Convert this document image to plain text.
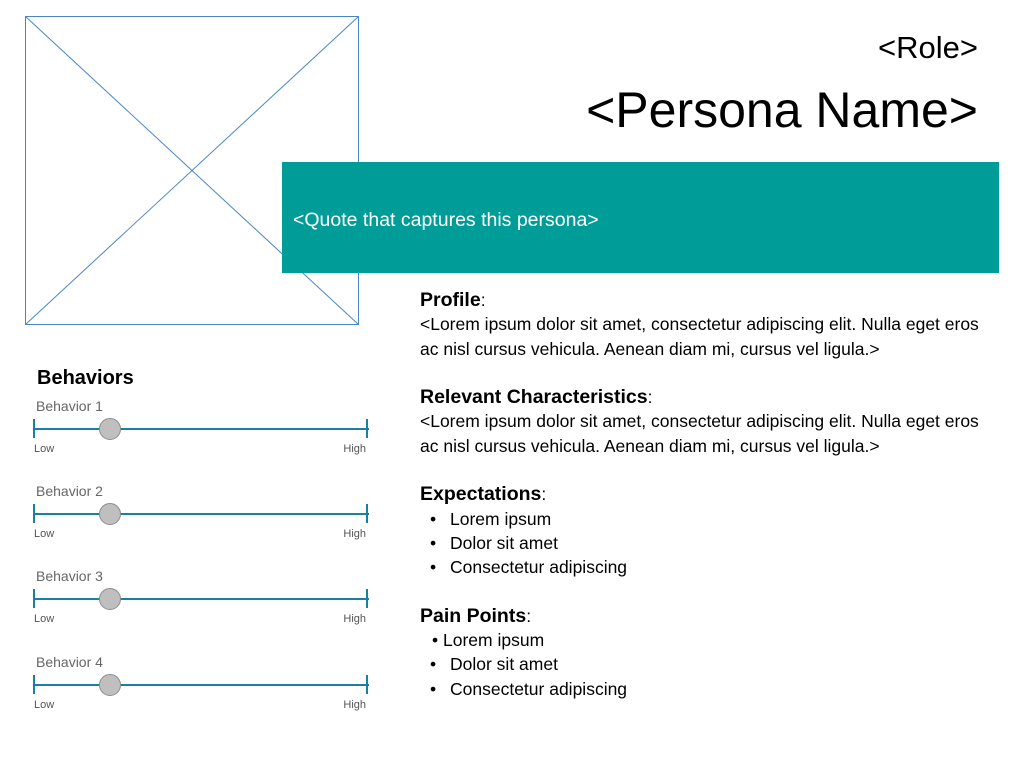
<Role>
<Persona Name>
<Quote that captures this persona>
Behaviors
Behavior 1
Low	High
Behavior 2
Low	High
Behavior 3
Low	High
Behavior 4
Low	High
Profile:

<Lorem ipsum dolor sit amet, consectetur adipiscing elit. Nulla eget eros ac nisl cursus vehicula. Aenean diam mi, cursus vel ligula.>

Relevant Characteristics:

<Lorem ipsum dolor sit amet, consectetur adipiscing elit. Nulla eget eros ac nisl cursus vehicula. Aenean diam mi, cursus vel ligula.>

Expectations:
• Lorem ipsum
• Dolor sit amet
• Consectetur adipiscing
Pain Points:
• Lorem ipsum
• Dolor sit amet
• Consectetur adipiscing
